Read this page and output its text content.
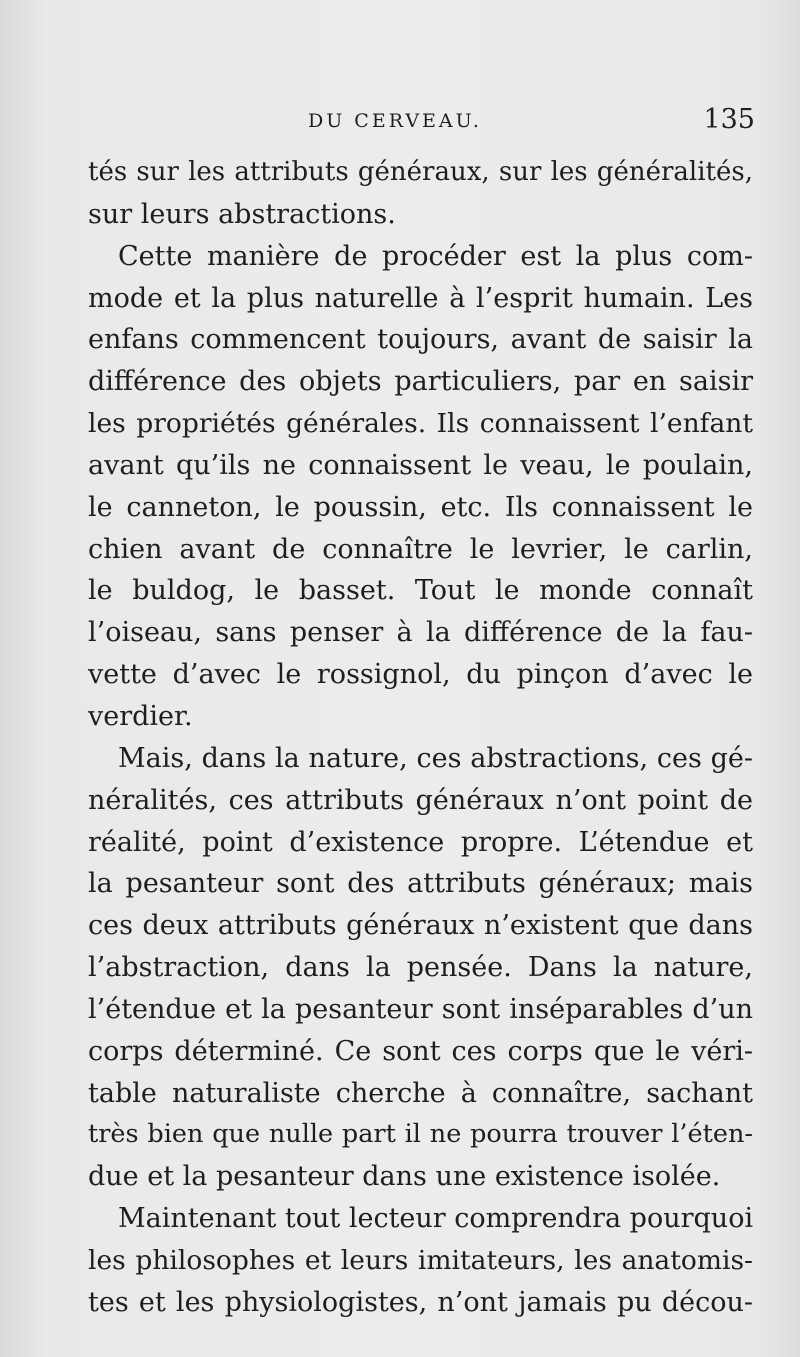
DU CERVEAU.	135
tés sur les attributs généraux, sur les généralités,
sur leurs abstractions.
Cette manière de procéder est la plus com-
mode et la plus naturelle à l’esprit humain. Les
enfans commencent toujours, avant de saisir la
différence des objets particuliers, par en saisir
les propriétés générales. Ils connaissent l’enfant
avant qu’ils ne connaissent le veau, le poulain,
le canneton, le poussin, etc. Ils connaissent le
chien avant de connaître le levrier, le carlin,
le buldog, le basset. Tout le monde connaît
l’oiseau, sans penser à la différence de la fau-
vette d’avec le rossignol, du pinçon d’avec le
verdier.
Mais, dans la nature, ces abstractions, ces gé-
néralités, ces attributs généraux n’ont point de
réalité, point d’existence propre. L’étendue et
la pesanteur sont des attributs généraux; mais
ces deux attributs généraux n’existent que dans
l’abstraction, dans la pensée. Dans la nature,
l’étendue et la pesanteur sont inséparables d’un
corps déterminé. Ce sont ces corps que le véri-
table naturaliste cherche à connaître, sachant
très bien que nulle part il ne pourra trouver l’éten-
due et la pesanteur dans une existence isolée.
Maintenant tout lecteur comprendra pourquoi
les philosophes et leurs imitateurs, les anatomis-
tes et les physiologistes, n’ont jamais pu décou-
